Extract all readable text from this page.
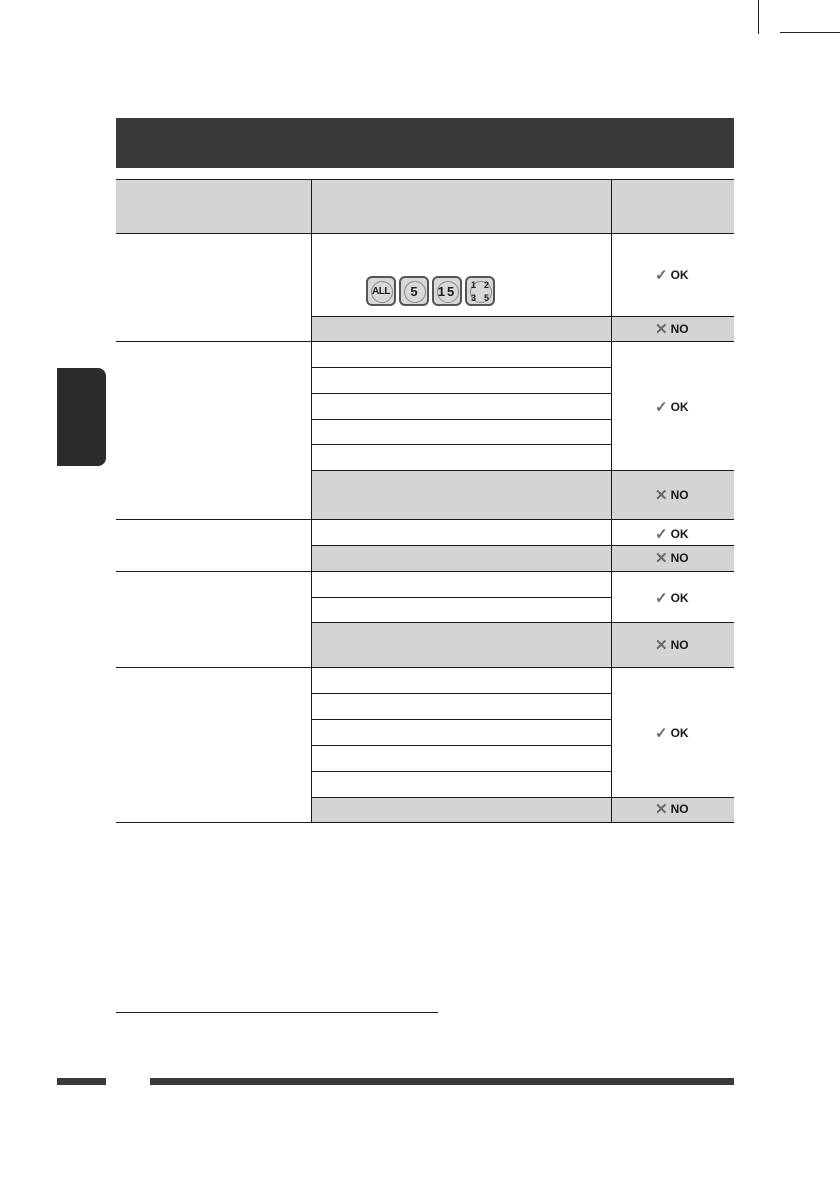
ALL 5 15 1 2
3 5
✓ OK
✕ NO
✓ OK
✕ NO
✓ OK
✕ NO
✓ OK
✕ NO
✓ OK
✕ NO
